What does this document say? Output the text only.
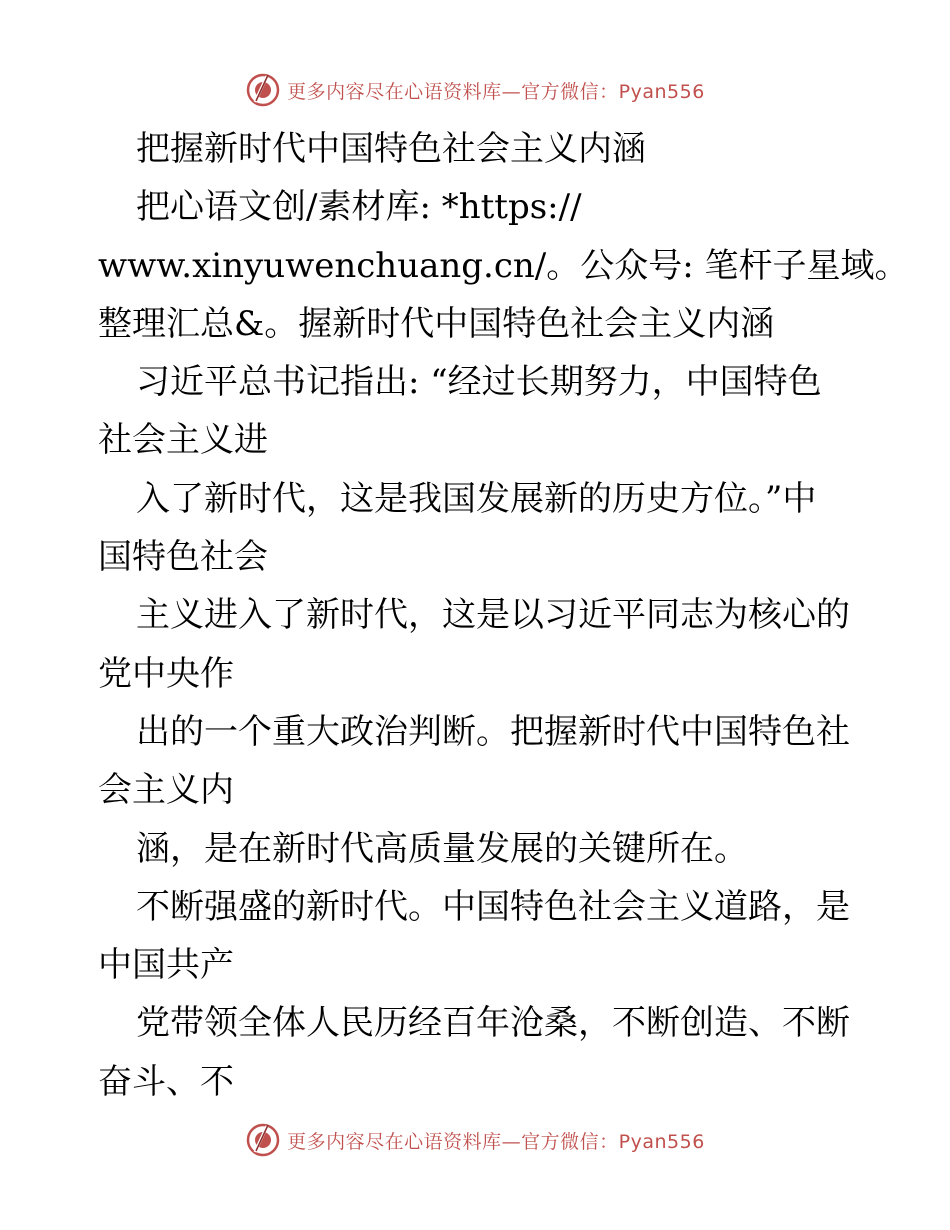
更多内容尽在心语资料库—官方微信：Pyan556
把握新时代中国特色社会主义内涵
把心语文创/素材库: *https://
www.xinyuwenchuang.cn/。公众号: 笔杆子星域。
整理汇总&。握新时代中国特色社会主义内涵
习近平总书记指出: “经过长期努力，中国特色
社会主义进
入了新时代，这是我国发展新的历史方位。”中
国特色社会
主义进入了新时代，这是以习近平同志为核心的
党中央作
出的一个重大政治判断。把握新时代中国特色社
会主义内
涵，是在新时代高质量发展的关键所在。
不断强盛的新时代。中国特色社会主义道路，是
中国共产
党带领全体人民历经百年沧桑，不断创造、不断
奋斗、不
更多内容尽在心语资料库—官方微信：Pyan556
